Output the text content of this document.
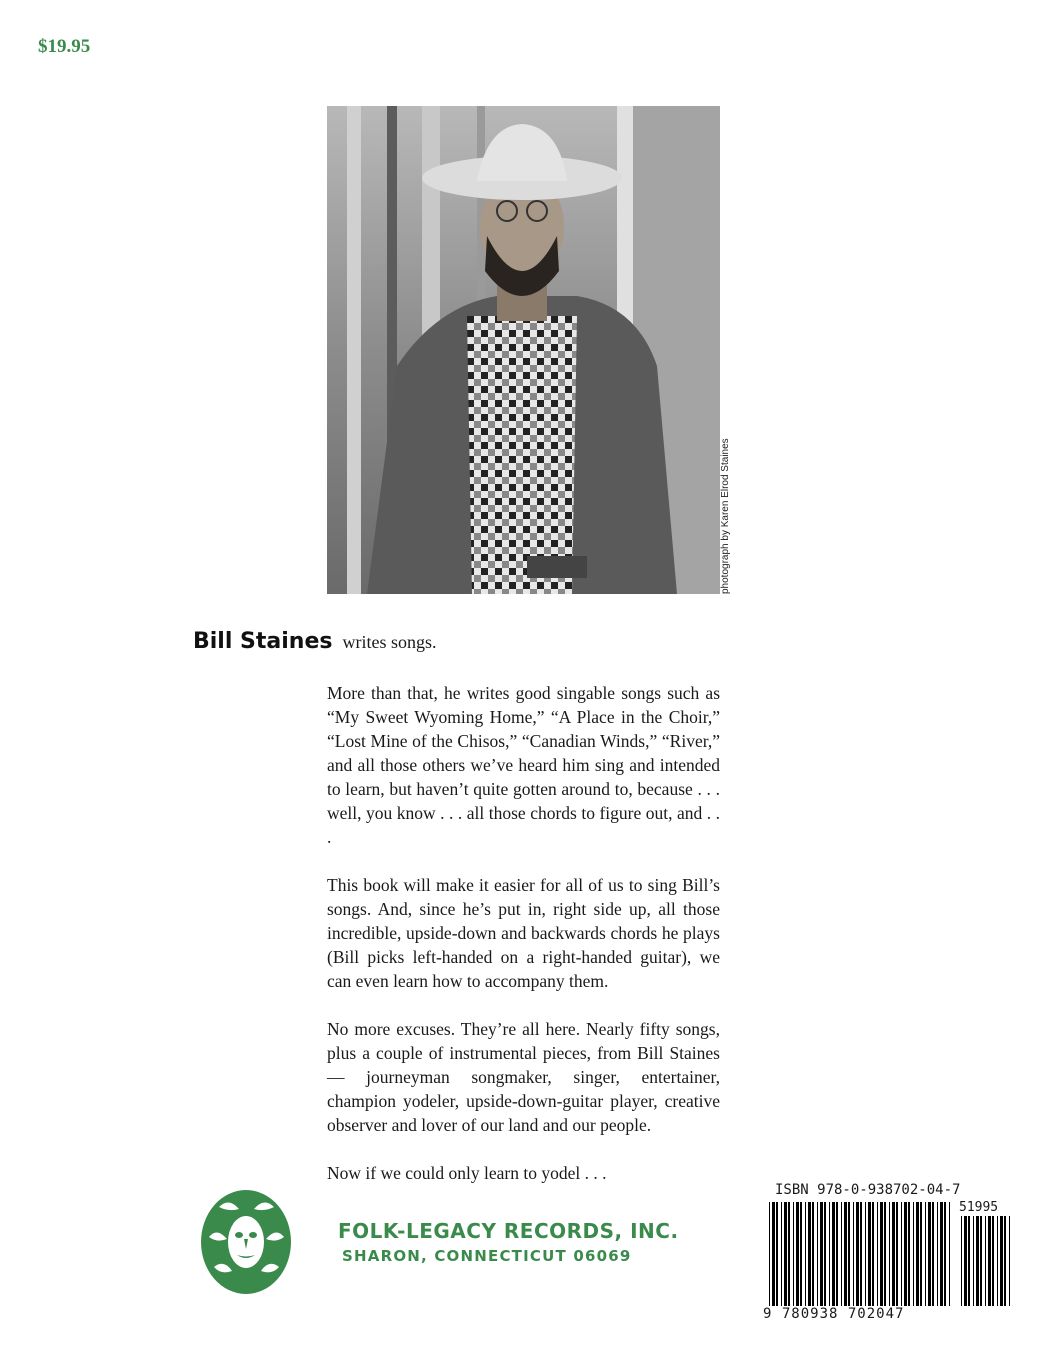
$19.95
photograph by Karen Elrod Staines
Bill Staines writes songs.

More than that, he writes good singable songs such as “My Sweet Wyoming Home,” “A Place in the Choir,” “Lost Mine of the Chisos,” “Canadian Winds,” “River,” and all those others we’ve heard him sing and intended to learn, but haven’t quite gotten around to, because . . . well, you know . . . all those chords to figure out, and . . .

This book will make it easier for all of us to sing Bill’s songs. And, since he’s put in, right side up, all those incredible, upside-down and backwards chords he plays (Bill picks left-handed on a right-handed guitar), we can even learn how to accompany them.

No more excuses. They’re all here. Nearly fifty songs, plus a couple of instrumental pieces, from Bill Staines — journeyman songmaker, singer, entertainer, champion yodeler, upside-down-guitar player, creative observer and lover of our land and our people.

Now if we could only learn to yodel . . .

FOLK-LEGACY RECORDS, INC.
SHARON, CONNECTICUT 06069
ISBN 978-0-938702-04-7
51995
9 780938 702047
